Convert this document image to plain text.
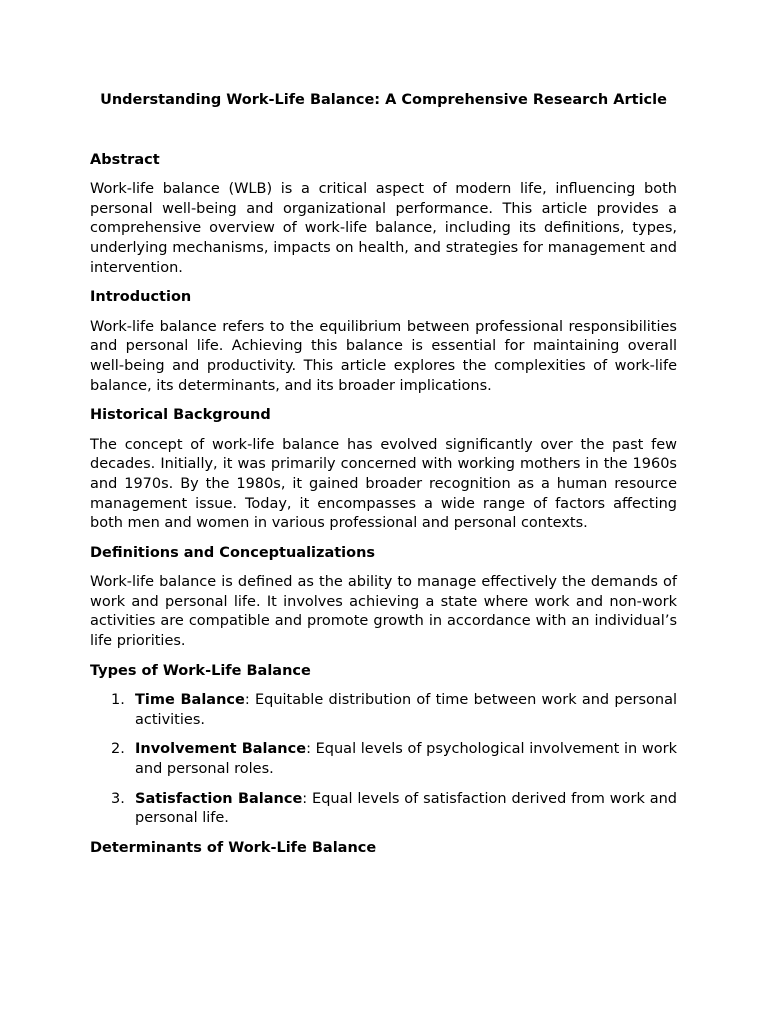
Understanding Work-Life Balance: A Comprehensive Research Article
Abstract

Work-life balance (WLB) is a critical aspect of modern life, influencing both personal well-being and organizational performance. This article provides a comprehensive overview of work-life balance, including its definitions, types, underlying mechanisms, impacts on health, and strategies for management and intervention.

Introduction

Work-life balance refers to the equilibrium between professional responsibilities and personal life. Achieving this balance is essential for maintaining overall well-being and productivity. This article explores the complexities of work-life balance, its determinants, and its broader implications.

Historical Background

The concept of work-life balance has evolved significantly over the past few decades. Initially, it was primarily concerned with working mothers in the 1960s and 1970s. By the 1980s, it gained broader recognition as a human resource management issue. Today, it encompasses a wide range of factors affecting both men and women in various professional and personal contexts.

Definitions and Conceptualizations

Work-life balance is defined as the ability to manage effectively the demands of work and personal life. It involves achieving a state where work and non-work activities are compatible and promote growth in accordance with an individual’s life priorities.

Types of Work-Life Balance
1. Time Balance: Equitable distribution of time between work and personal activities.
2. Involvement Balance: Equal levels of psychological involvement in work and personal roles.
3. Satisfaction Balance: Equal levels of satisfaction derived from work and personal life.
Determinants of Work-Life Balance
